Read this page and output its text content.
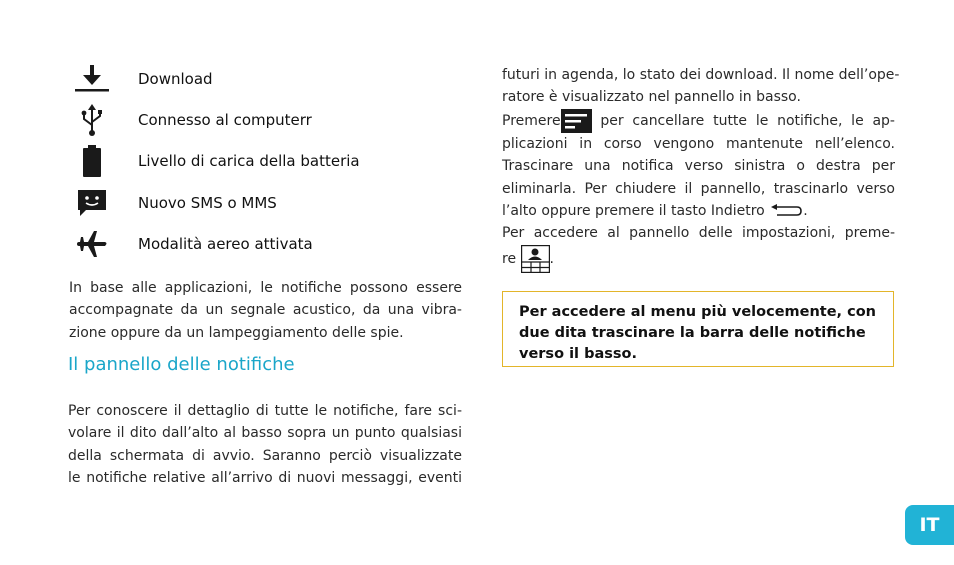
Download
Connesso al computerr
Livello di carica della batteria
Nuovo SMS o MMS
Modalità aereo attivata
In base alle applicazioni, le notifiche possono essere
accompagnate da un segnale acustico, da una vibra-
zione oppure da un lampeggiamento delle spie.
Il pannello delle notifiche
Per conoscere il dettaglio di tutte le notifiche, fare sci-
volare il dito dall’alto al basso sopra un punto qualsiasi
della schermata di avvio. Saranno perciò visualizzate
le notifiche relative all’arrivo di nuovi messaggi, eventi
futuri in agenda, lo stato dei download. Il nome dell’ope-
ratore è visualizzato nel pannello in basso.
Premere per cancellare tutte le notifiche, le ap-
plicazioni in corso vengono mantenute nell’elenco.
Trascinare una notifica verso sinistra o destra per
eliminarla. Per chiudere il pannello, trascinarlo verso
l’alto oppure premere il tasto Indietro	.
Per accedere al pannello delle impostazioni, preme-
re .
Per accedere al menu più velocemente, con
due dita trascinare la barra delle notifiche
verso il basso.
IT
